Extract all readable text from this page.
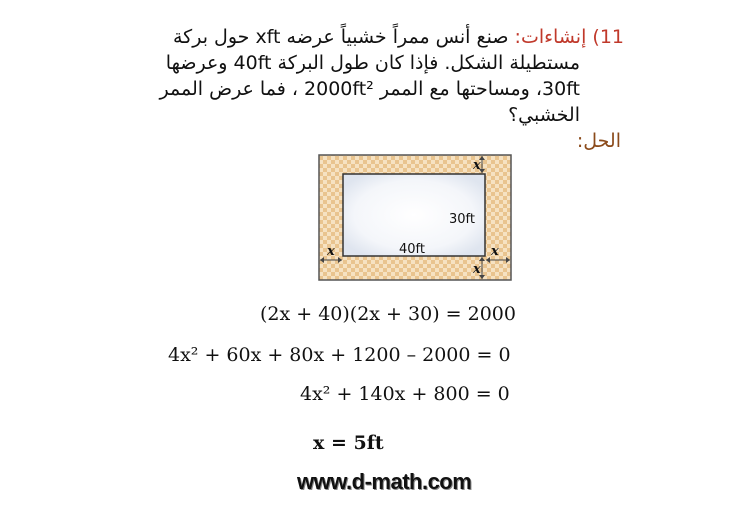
11) إنشاءات: صنع أنس ممراً خشبياً عرضه xft حول بركة
مستطيلة الشكل. فإذا كان طول البركة 40ft وعرضها
30ft، ومساحتها مع الممر 2000ft² ، فما عرض الممر
الخشبي؟
الحل:
x
x
x	x
30ft
40ft
(2x + 40)(2x + 30) = 2000
4x² + 60x + 80x + 1200 – 2000 = 0
4x² + 140x + 800 = 0
x = 5ft
www.d-math.com
